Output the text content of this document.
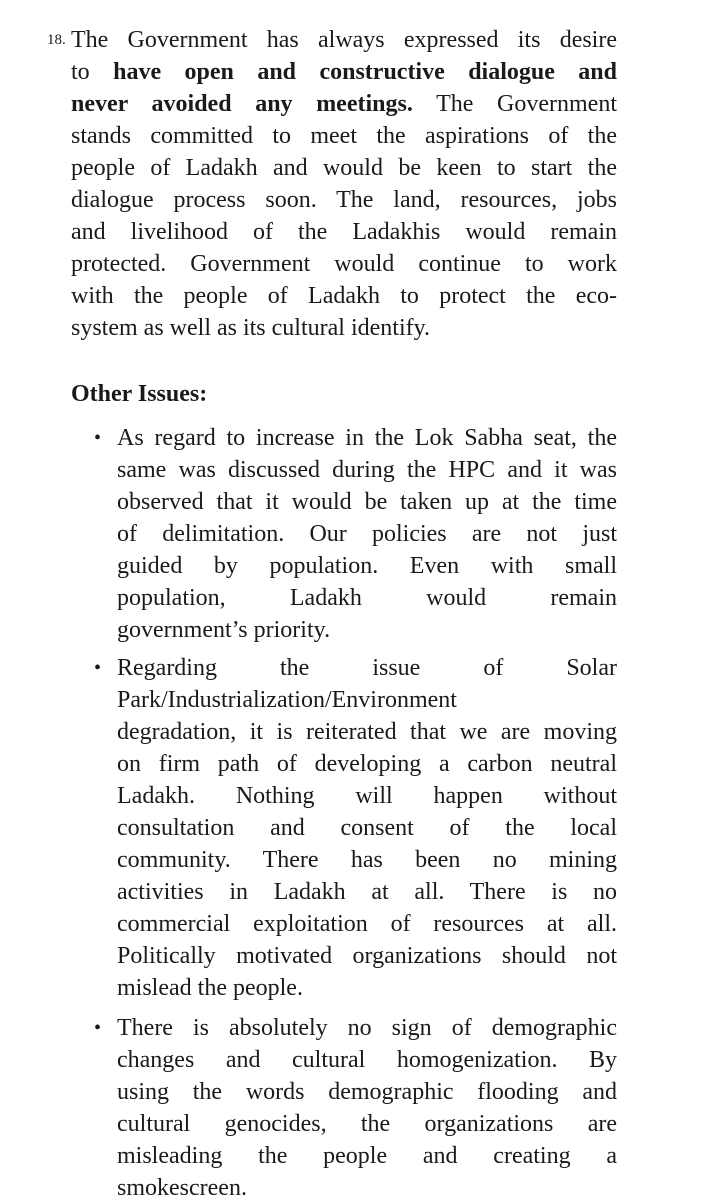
18. The Government has always expressed its desire
to have open and constructive dialogue and
never avoided any meetings. The Government
stands committed to meet the aspirations of the
people of Ladakh and would be keen to start the
dialogue process soon. The land, resources, jobs
and livelihood of the Ladakhis would remain
protected. Government would continue to work
with the people of Ladakh to protect the eco-
system as well as its cultural identify.

Other Issues:

• As regard to increase in the Lok Sabha seat, the
same was discussed during the HPC and it was
observed that it would be taken up at the time
of delimitation. Our policies are not just
guided by population. Even with small
population, Ladakh would remain
government’s priority.
• Regarding the issue of Solar
Park/Industrialization/Environment
degradation, it is reiterated that we are moving
on firm path of developing a carbon neutral
Ladakh. Nothing will happen without
consultation and consent of the local
community. There has been no mining
activities in Ladakh at all. There is no
commercial exploitation of resources at all.
Politically motivated organizations should not
mislead the people.
• There is absolutely no sign of demographic
changes and cultural homogenization. By
using the words demographic flooding and
cultural genocides, the organizations are
misleading the people and creating a
smokescreen.
